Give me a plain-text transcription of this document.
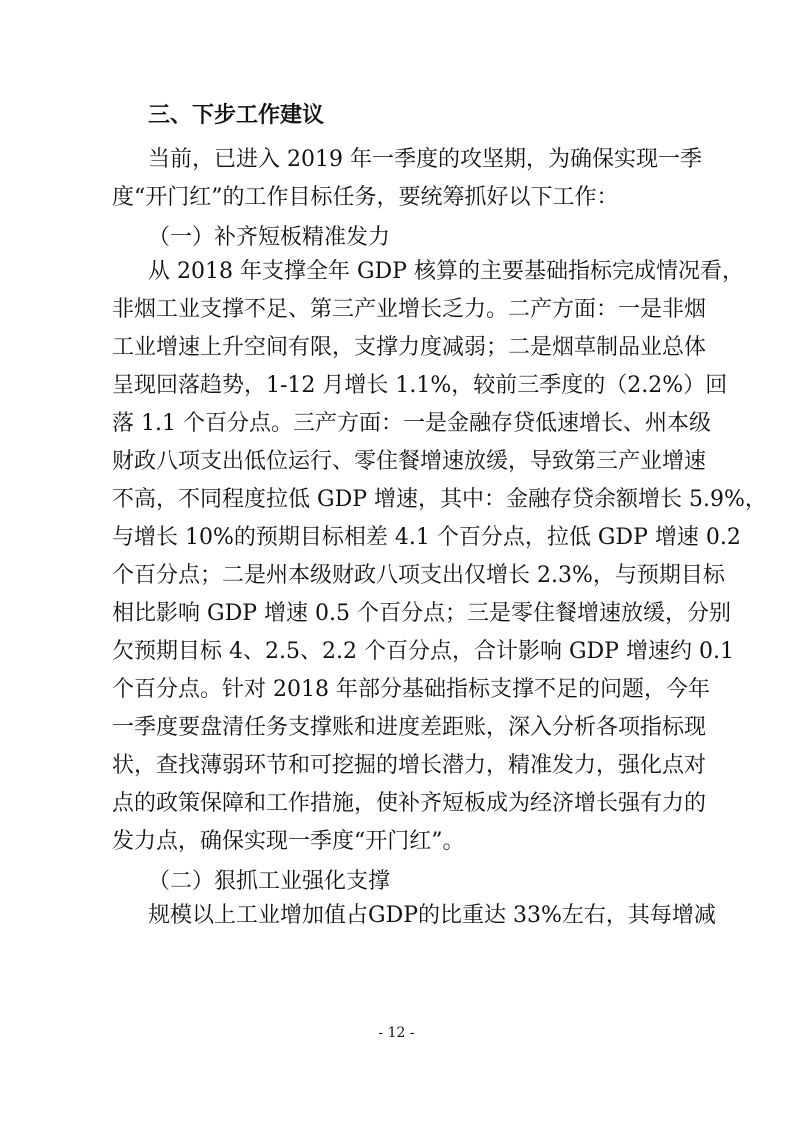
三、下步工作建议
当前，已进入 2019 年一季度的攻坚期，为确保实现一季
度“开门红”的工作目标任务，要统筹抓好以下工作：
（一）补齐短板精准发力
从 2018 年支撑全年 GDP 核算的主要基础指标完成情况看，
非烟工业支撑不足、第三产业增长乏力。二产方面：一是非烟
工业增速上升空间有限，支撑力度减弱；二是烟草制品业总体
呈现回落趋势，1-12 月增长 1.1%，较前三季度的（2.2%）回
落 1.1 个百分点。三产方面：一是金融存贷低速增长、州本级
财政八项支出低位运行、零住餐增速放缓，导致第三产业增速
不高，不同程度拉低 GDP 增速，其中：金融存贷余额增长 5.9%，
与增长 10%的预期目标相差 4.1 个百分点，拉低 GDP 增速 0.2
个百分点；二是州本级财政八项支出仅增长 2.3%，与预期目标
相比影响 GDP 增速 0.5 个百分点；三是零住餐增速放缓，分别
欠预期目标 4、2.5、2.2 个百分点，合计影响 GDP 增速约 0.1
个百分点。针对 2018 年部分基础指标支撑不足的问题，今年
一季度要盘清任务支撑账和进度差距账，深入分析各项指标现
状，查找薄弱环节和可挖掘的增长潜力，精准发力，强化点对
点的政策保障和工作措施，使补齐短板成为经济增长强有力的
发力点，确保实现一季度“开门红”。
（二）狠抓工业强化支撑
规模以上工业增加值占GDP的比重达 33%左右，其每增减
- 12 -
